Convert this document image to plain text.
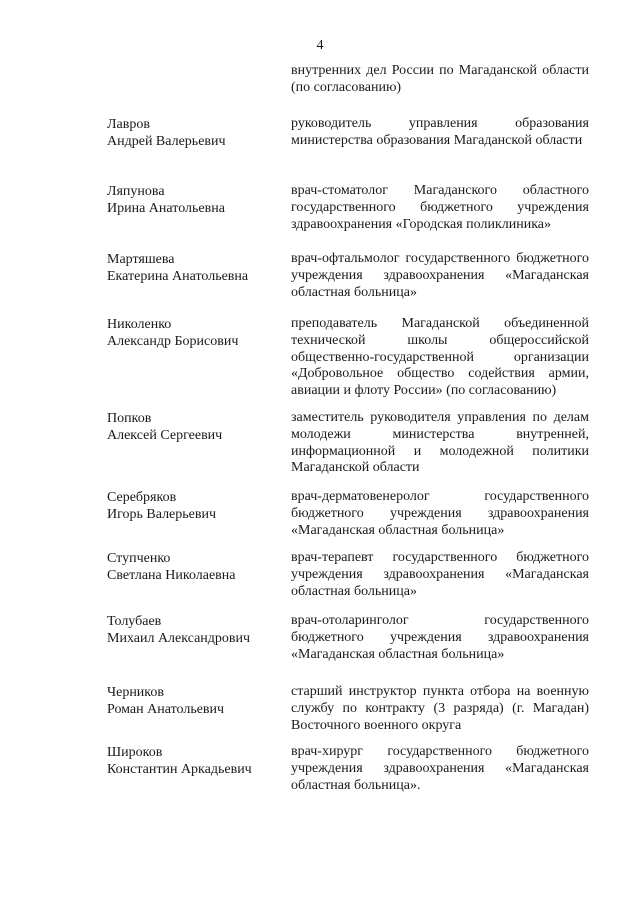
4
внутренних дел России по Магаданской области (по согласованию)
Лавров
Андрей Валерьевич
руководитель управления образования министерства образования Магаданской области
Ляпунова
Ирина Анатольевна
врач-стоматолог Магаданского областного государственного бюджетного учреждения здравоохранения «Городская поликлиника»
Мартяшева
Екатерина Анатольевна
врач-офтальмолог государственного бюджетного учреждения здравоохранения «Магаданская областная больница»
Николенко
Александр Борисович
преподаватель Магаданской объединенной технической школы общероссийской общественно-государственной организации «Добровольное общество содействия армии, авиации и флоту России» (по согласованию)
Попков
Алексей Сергеевич
заместитель руководителя управления по делам молодежи министерства внутренней, информационной и молодежной политики Магаданской области
Серебряков
Игорь Валерьевич
врач-дерматовенеролог государственного бюджетного учреждения здравоохранения «Магаданская областная больница»
Ступченко
Светлана Николаевна
врач-терапевт государственного бюджетного учреждения здравоохранения «Магаданская областная больница»
Толубаев
Михаил Александрович
врач-отоларинголог государственного бюджетного учреждения здравоохранения «Магаданская областная больница»
Черников
Роман Анатольевич
старший инструктор пункта отбора на военную службу по контракту (3 разряда) (г. Магадан) Восточного военного округа
Широков
Константин Аркадьевич
врач-хирург государственного бюджетного учреждения здравоохранения «Магаданская областная больница».
